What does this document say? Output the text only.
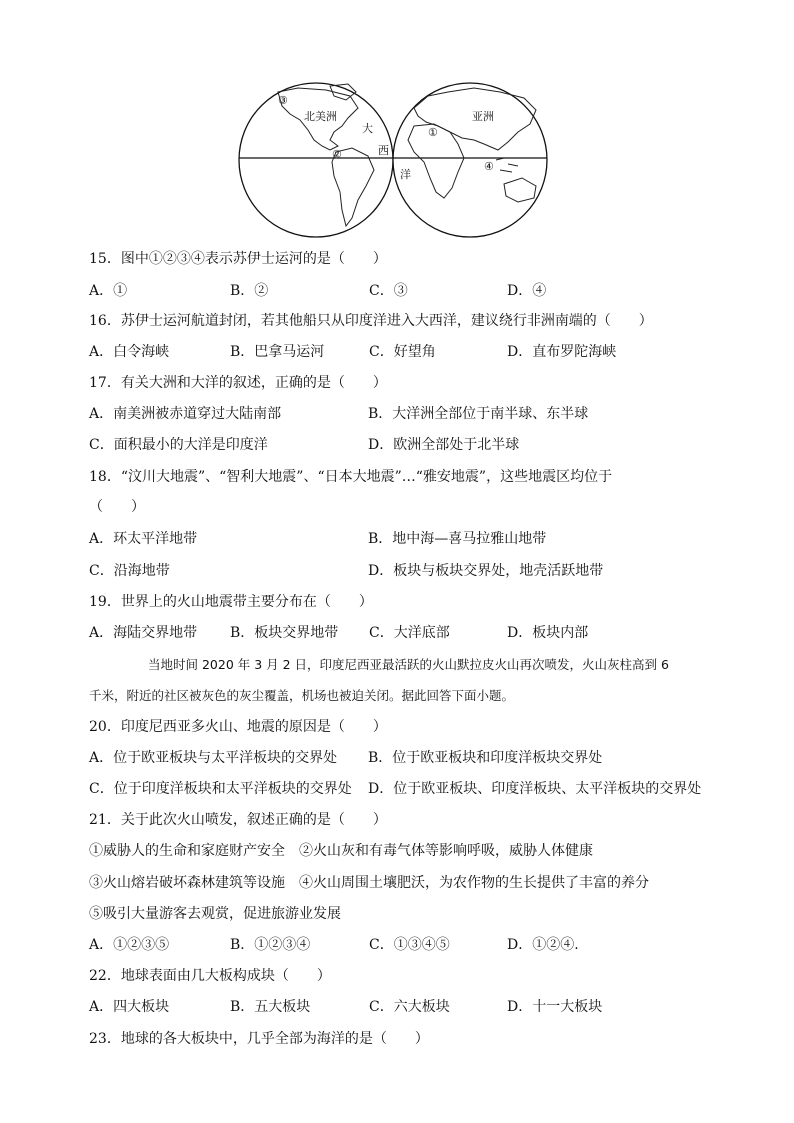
北美洲
大
西
洋
亚洲
①
②
③
④
15．图中①②③④表示苏伊士运河的是（　　）
A．①	B．②	C．③	D．④
16．苏伊士运河航道封闭，若其他船只从印度洋进入大西洋，建议绕行非洲南端的（　　）
A．白令海峡	B．巴拿马运河	C．好望角	D．直布罗陀海峡
17．有关大洲和大洋的叙述，正确的是（　　）
A．南美洲被赤道穿过大陆南部	B．大洋洲全部位于南半球、东半球
C．面积最小的大洋是印度洋	D．欧洲全部处于北半球
18．“汶川大地震”、“智利大地震”、“日本大地震”…“雅安地震”，这些地震区均位于
（　　）
A．环太平洋地带	B．地中海—喜马拉雅山地带
C．沿海地带	D．板块与板块交界处，地壳活跃地带
19．世界上的火山地震带主要分布在（　　）
A．海陆交界地带 B．板块交界地带 C．大洋底部	D．板块内部
当地时间 2020 年 3 月 2 日，印度尼西亚最活跃的火山默拉皮火山再次喷发，火山灰柱高到 6
千米，附近的社区被灰色的灰尘覆盖，机场也被迫关闭。据此回答下面小题。
20．印度尼西亚多火山、地震的原因是（　　）
A．位于欧亚板块与太平洋板块的交界处 B．位于欧亚板块和印度洋板块交界处
C．位于印度洋板块和太平洋板块的交界处 D．位于欧亚板块、印度洋板块、太平洋板块的交界处
21．关于此次火山喷发，叙述正确的是（　　）
①威胁人的生命和家庭财产安全　②火山灰和有毒气体等影响呼吸，威胁人体健康
③火山熔岩破坏森林建筑等设施　④火山周围土壤肥沃，为农作物的生长提供了丰富的养分
⑤吸引大量游客去观赏，促进旅游业发展
A．①②③⑤	B．①②③④	C．①③④⑤	D．①②④.
22．地球表面由几大板构成块（　　）
A．四大板块	B．五大板块	C．六大板块	D．十一大板块
23．地球的各大板块中，几乎全部为海洋的是（　　）
